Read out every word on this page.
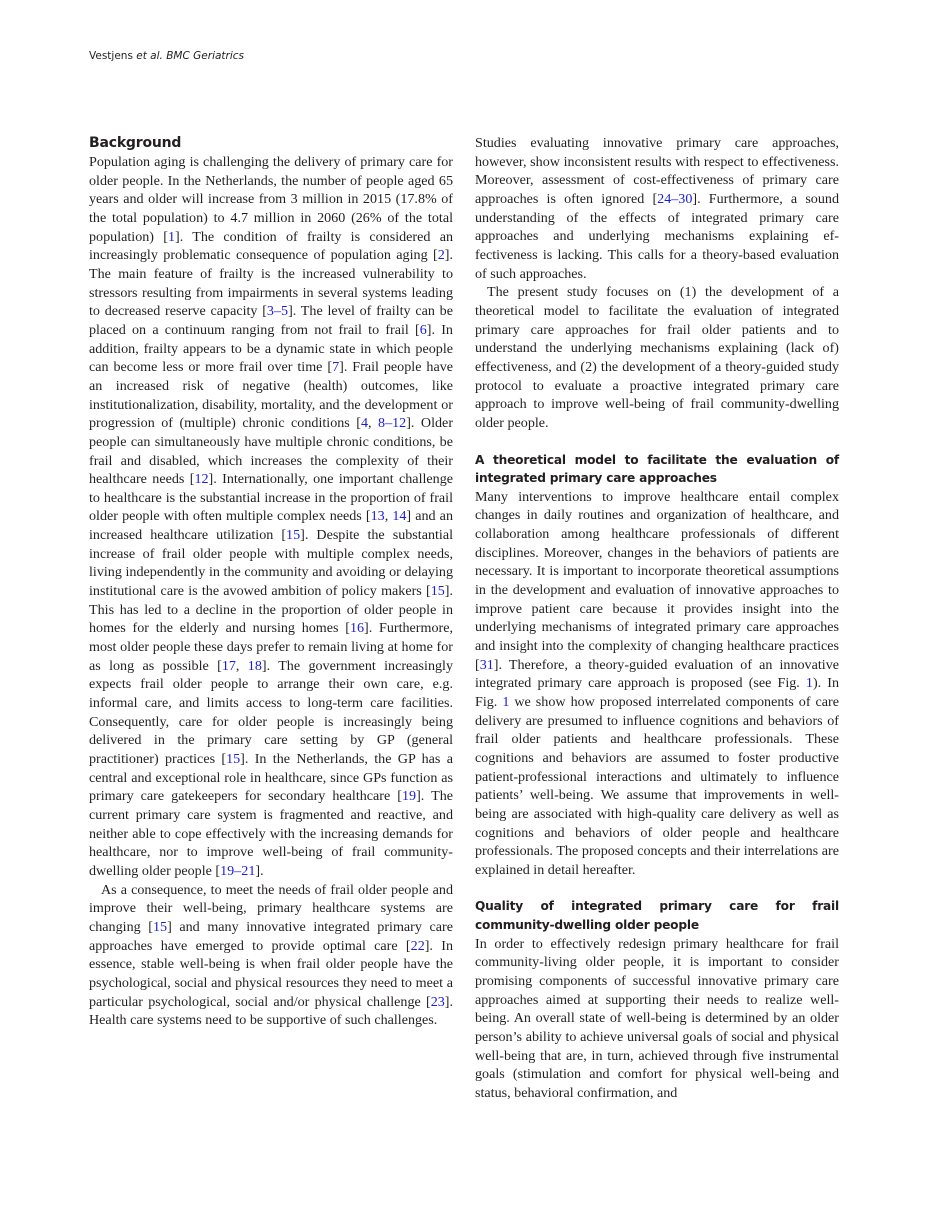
Vestjens et al. BMC Geriatrics
Background

Population aging is challenging the delivery of primary care for older people. In the Netherlands, the number of people aged 65 years and older will increase from 3 million in 2015 (17.8% of the total population) to 4.7 million in 2060 (26% of the total population) [1]. The condition of frailty is considered an increasingly problematic consequence of population aging [2]. The main feature of frailty is the increased vulnerability to stressors resulting from impairments in several systems leading to decreased reserve capacity [3–5]. The level of frailty can be placed on a continuum ranging from not frail to frail [6]. In addition, frailty appears to be a dynamic state in which people can become less or more frail over time [7]. Frail people have an increased risk of negative (health) outcomes, like institutionalization, disability, mortality, and the development or progression of (multiple) chronic conditions [4, 8–12]. Older people can simultaneously have multiple chronic conditions, be frail and disabled, which increases the complexity of their healthcare needs [12]. Internationally, one important challenge to healthcare is the substantial increase in the proportion of frail older people with often multiple complex needs [13, 14] and an increased healthcare utilization [15]. Despite the substantial increase of frail older people with multiple complex needs, living independently in the community and avoiding or delaying institutional care is the avowed ambition of policy makers [15]. This has led to a decline in the proportion of older people in homes for the elderly and nursing homes [16]. Furthermore, most older people these days prefer to remain living at home for as long as possible [17, 18]. The government increasingly expects frail older people to arrange their own care, e.g. informal care, and limits access to long-term care facilities. Consequently, care for older people is increasingly being delivered in the primary care setting by GP (general practitioner) practices [15]. In the Netherlands, the GP has a central and exceptional role in healthcare, since GPs function as primary care gatekeepers for secondary healthcare [19]. The current primary care system is fragmented and reactive, and neither able to cope effectively with the increasing demands for healthcare, nor to improve well-being of frail community-dwelling older people [19–21].

As a consequence, to meet the needs of frail older people and improve their well-being, primary healthcare systems are changing [15] and many innovative integrated primary care approaches have emerged to provide optimal care [22]. In essence, stable well-being is when frail older people have the psychological, social and physical resources they need to meet a particular psychological, social and/or physical challenge [23]. Health care systems need to be supportive of such challenges.

Studies evaluating innovative primary care approaches, however, show inconsistent results with respect to effectiveness. Moreover, assessment of cost-effectiveness of primary care approaches is often ignored [24–30]. Furthermore, a sound understanding of the effects of integrated primary care approaches and underlying mechanisms explaining effectiveness is lacking. This calls for a theory-based evaluation of such approaches.

The present study focuses on (1) the development of a theoretical model to facilitate the evaluation of integrated primary care approaches for frail older patients and to understand the underlying mechanisms explaining (lack of) effectiveness, and (2) the development of a theory-guided study protocol to evaluate a proactive integrated primary care approach to improve well-being of frail community-dwelling older people.

A theoretical model to facilitate the evaluation of integrated primary care approaches

Many interventions to improve healthcare entail complex changes in daily routines and organization of healthcare, and collaboration among healthcare professionals of different disciplines. Moreover, changes in the behaviors of patients are necessary. It is important to incorporate theoretical assumptions in the development and evaluation of innovative approaches to improve patient care because it provides insight into the underlying mechanisms of integrated primary care approaches and insight into the complexity of changing healthcare practices [31]. Therefore, a theory-guided evaluation of an innovative integrated primary care approach is proposed (see Fig. 1). In Fig. 1 we show how proposed interrelated components of care delivery are presumed to influence cognitions and behaviors of frail older patients and healthcare professionals. These cognitions and behaviors are assumed to foster productive patient-professional interactions and ultimately to influence patients’ well-being. We assume that improvements in well-being are associated with high-quality care delivery as well as cognitions and behaviors of older people and healthcare professionals. The proposed concepts and their interrelations are explained in detail hereafter.

Quality of integrated primary care for frail community-dwelling older people

In order to effectively redesign primary healthcare for frail community-living older people, it is important to consider promising components of successful innovative primary care approaches aimed at supporting their needs to realize well-being. An overall state of well-being is determined by an older person’s ability to achieve universal goals of social and physical well-being that are, in turn, achieved through five instrumental goals (stimulation and comfort for physical well-being and status, behavioral confirmation, and
